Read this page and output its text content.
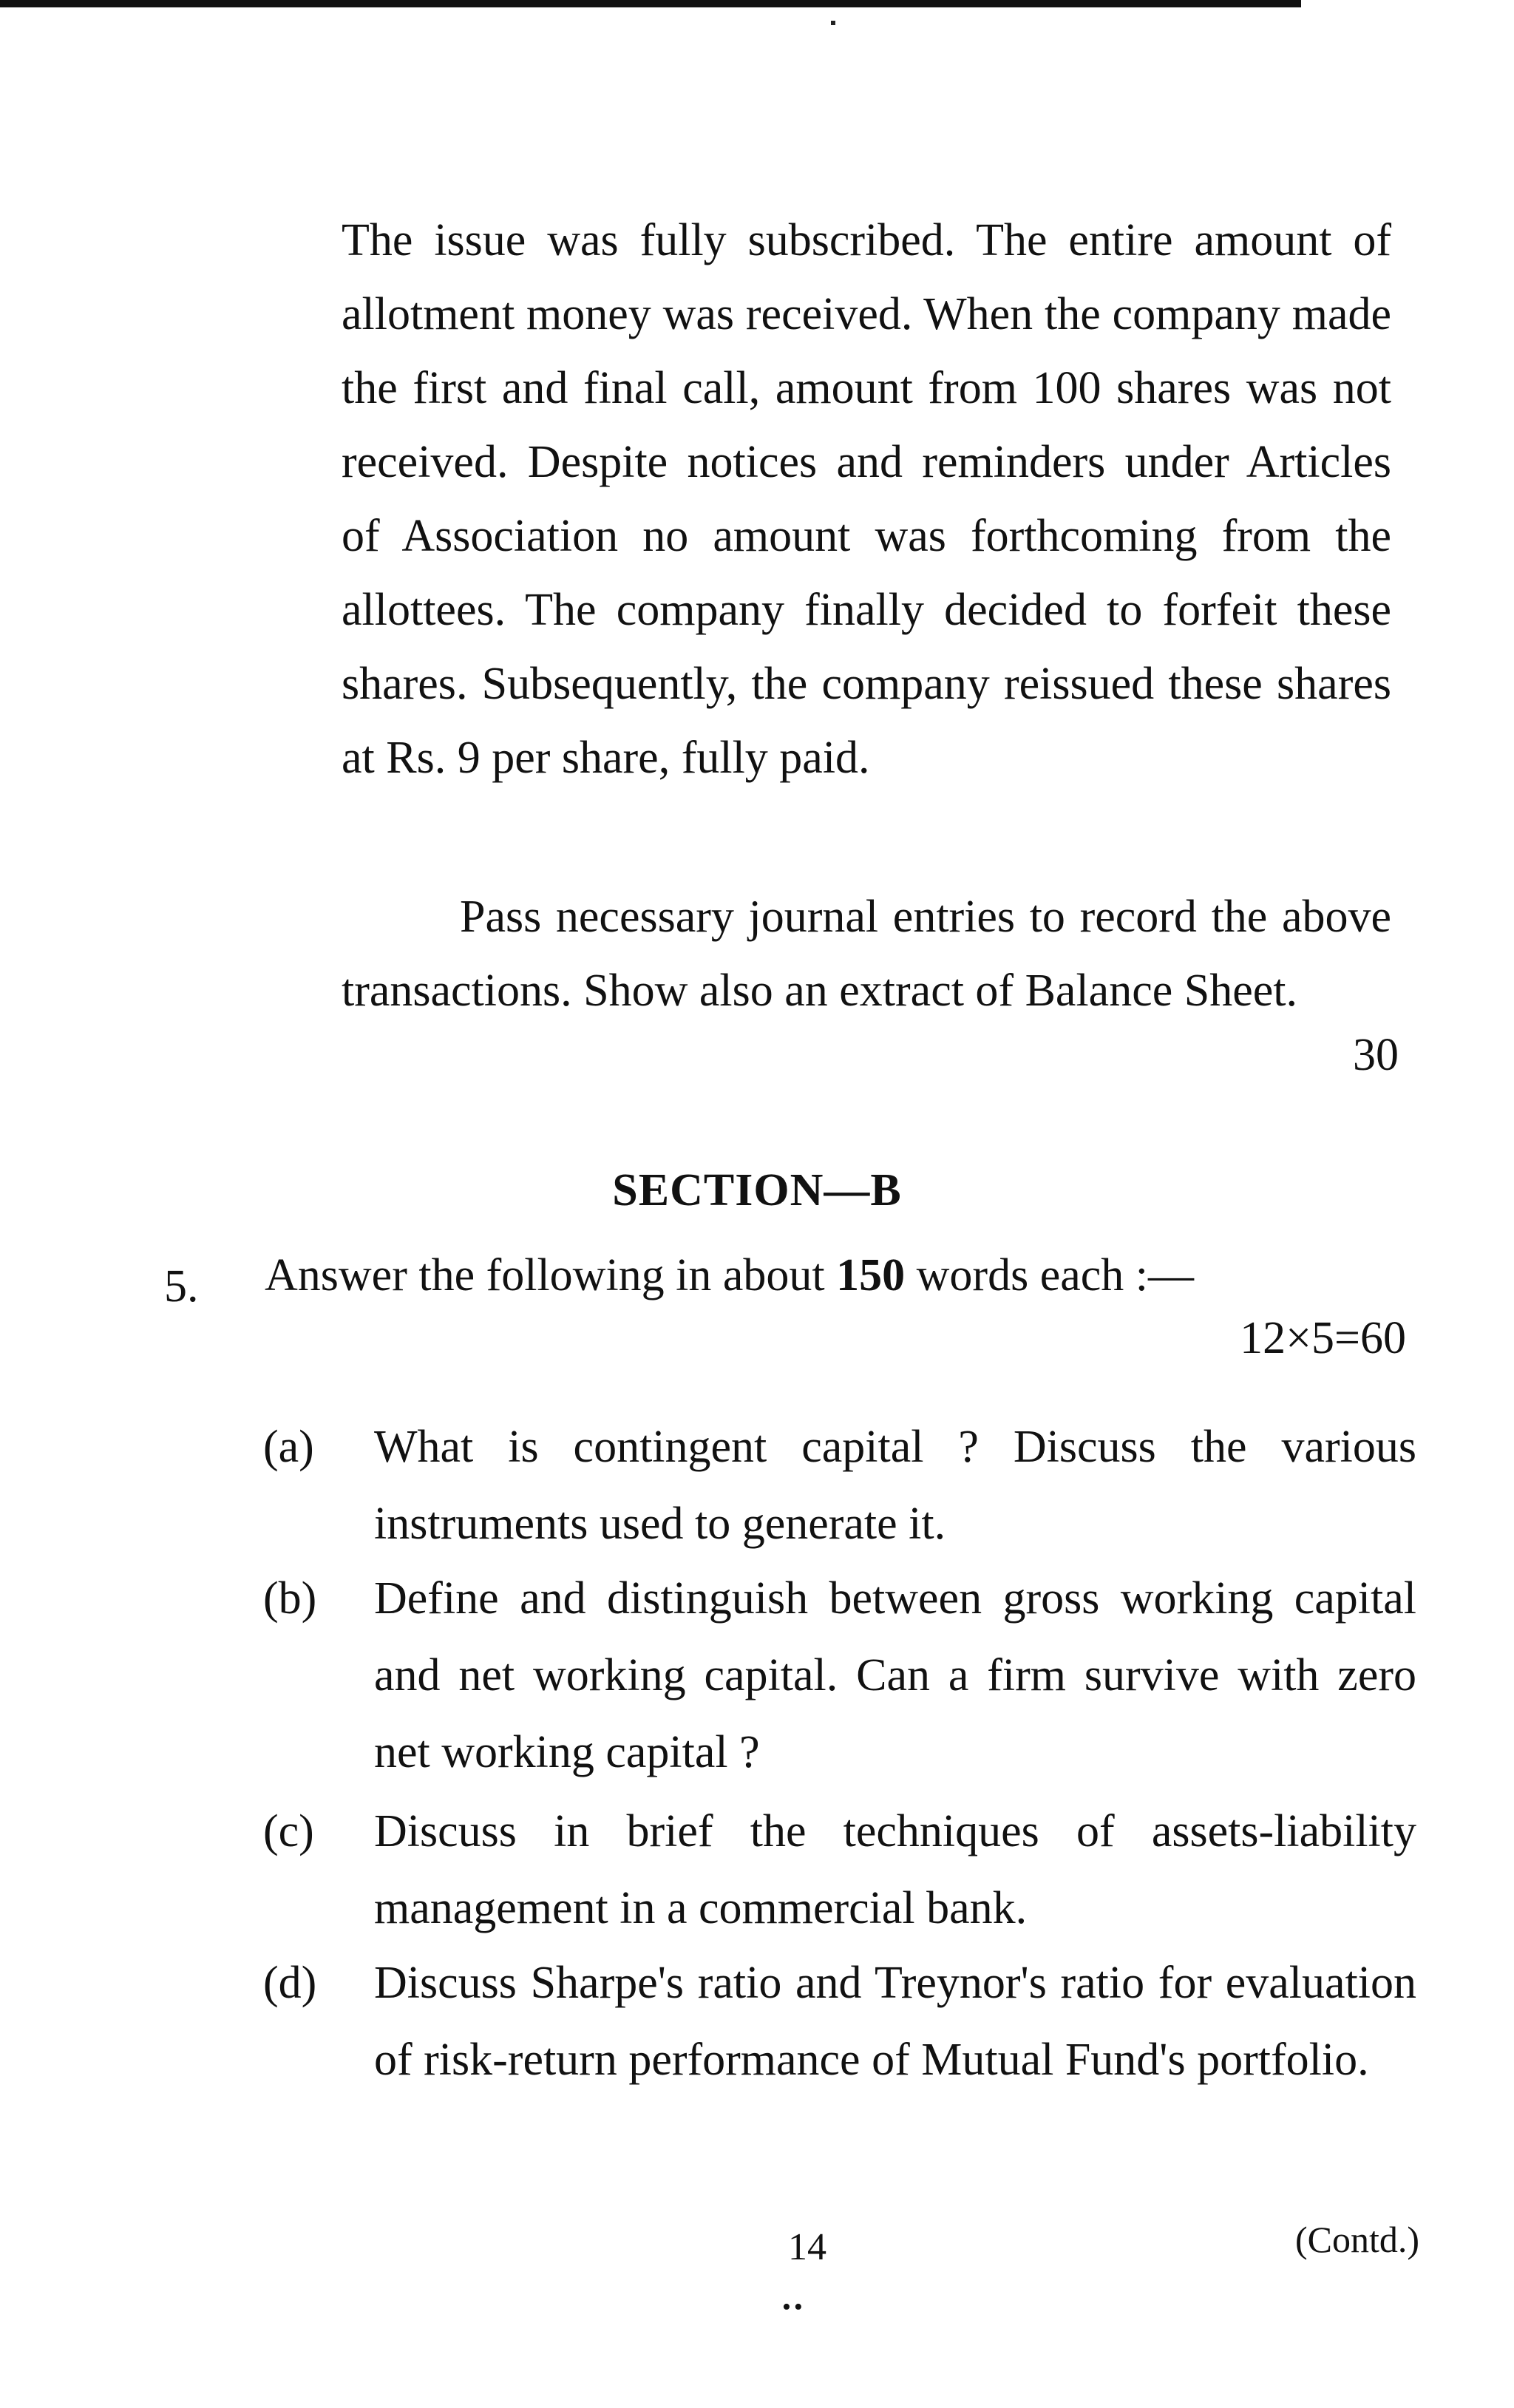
The issue was fully subscribed. The entire amount of allotment money was received. When the company made the first and final call, amount from 100 shares was not received. Despite notices and reminders under Articles of Association no amount was forthcoming from the allottees. The company finally decided to forfeit these shares. Subsequently, the company reissued these shares at Rs. 9 per share, fully paid.
Pass necessary journal entries to record the above transactions. Show also an extract of Balance Sheet.
30
SECTION—B
5. Answer the following in about 150 words each :—
12×5=60
(a)	What is contingent capital ? Discuss the various instruments used to generate it.
(b)	Define and distinguish between gross working capital and net working capital. Can a firm survive with zero net working capital ?
(c)	Discuss in brief the techniques of assets-liability management in a commercial bank.
(d)	Discuss Sharpe's ratio and Treynor's ratio for evaluation of risk-return performance of Mutual Fund's portfolio.
14	(Contd.)
••
